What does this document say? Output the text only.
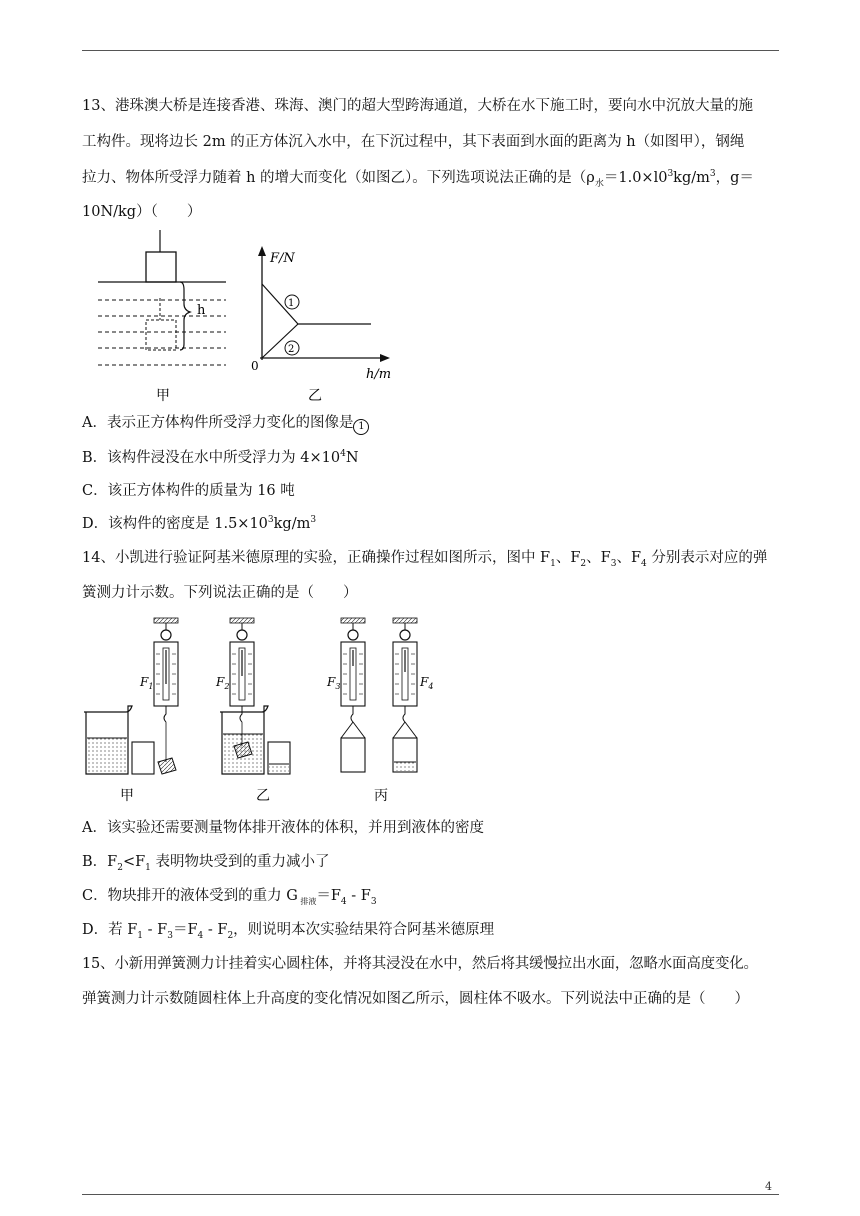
13、港珠澳大桥是连接香港、珠海、澳门的超大型跨海通道，大桥在水下施工时，要向水中沉放大量的施
工构件。现将边长 2m 的正方体沉入水中，在下沉过程中，其下表面到水面的距离为 h（如图甲），钢绳
拉力、物体所受浮力随着 h 的增大而变化（如图乙）。下列选项说法正确的是（$\rho_水=1.0\times l0^3kg/m^3$，g＝
10N/kg）（　　）
h
甲
F/N
h/m
0
1
2
乙
A．表示正方体构件所受浮力变化的图像是 1
B．该构件浸没在水中所受浮力为 $4\times 10^4N$
C．该正方体构件的质量为 16 吨
D．该构件的密度是 $1.5\times 10^3kg/m^3$
14、小凯进行验证阿基米德原理的实验，正确操作过程如图所示，图中 $F_1$、$F_2$、$F_3$、$F_4$ 分别表示对应的弹
簧测力计示数。下列说法正确的是（　　）
$F_1$
甲
$F_2$
乙
$F_3$	$F_4$
丙
A．该实验还需要测量物体排开液体的体积，并用到液体的密度
B．$F_2<F_1$ 表明物块受到的重力减小了
C．物块排开的液体受到的重力 G $_{排液}=F_4 - F_3$
D．若 $F_1 - F_3=F_4 - F_2$，则说明本次实验结果符合阿基米德原理
15、小新用弹簧测力计挂着实心圆柱体，并将其浸没在水中，然后将其缓慢拉出水面，忽略水面高度变化。
弹簧测力计示数随圆柱体上升高度的变化情况如图乙所示，圆柱体不吸水。下列说法中正确的是（　　）
4
